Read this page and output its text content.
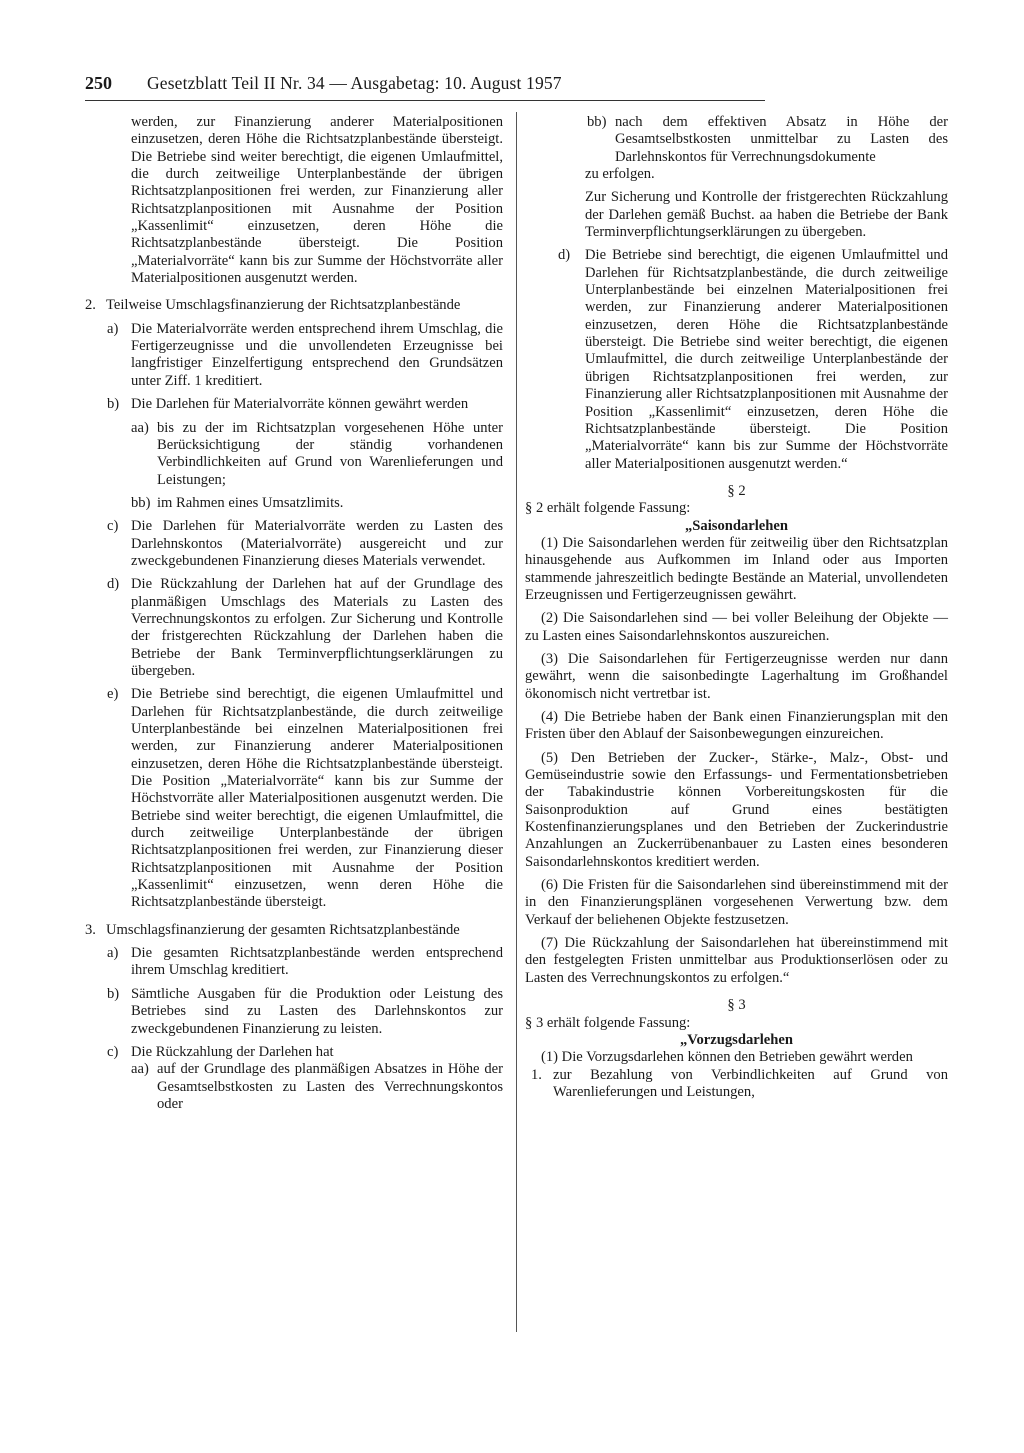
250 Gesetzblatt Teil II Nr. 34 — Ausgabetag: 10. August 1957

werden, zur Finanzierung anderer Materialpositionen einzusetzen, deren Höhe die Richtsatzplanbestände übersteigt. Die Betriebe sind weiter berechtigt, die eigenen Umlaufmittel, die durch zeitweilige Unterplanbestände der übrigen Richtsatzplanpositionen frei werden, zur Finanzierung aller Richtsatzplanpositionen mit Ausnahme der Position „Kassenlimit“ einzusetzen, deren Höhe die Richtsatzplanbestände übersteigt. Die Position „Materialvorräte“ kann bis zur Summe der Höchstvorräte aller Materialpositionen ausgenutzt werden.

2. Teilweise Umschlagsfinanzierung der Richtsatzplanbestände

a) Die Materialvorräte werden entsprechend ihrem Umschlag, die Fertigerzeugnisse und die unvollendeten Erzeugnisse bei langfristiger Einzelfertigung entsprechend den Grundsätzen unter Ziff. 1 kreditiert.

b) Die Darlehen für Materialvorräte können gewährt werden

aa) bis zu der im Richtsatzplan vorgesehenen Höhe unter Berücksichtigung der ständig vorhandenen Verbindlichkeiten auf Grund von Warenlieferungen und Leistungen;

bb) im Rahmen eines Umsatzlimits.

c) Die Darlehen für Materialvorräte werden zu Lasten des Darlehnskontos (Materialvorräte) ausgereicht und zur zweckgebundenen Finanzierung dieses Materials verwendet.

d) Die Rückzahlung der Darlehen hat auf der Grundlage des planmäßigen Umschlags des Materials zu Lasten des Verrechnungskontos zu erfolgen. Zur Sicherung und Kontrolle der fristgerechten Rückzahlung der Darlehen haben die Betriebe der Bank Terminverpflichtungserklärungen zu übergeben.

e) Die Betriebe sind berechtigt, die eigenen Umlaufmittel und Darlehen für Richtsatzplanbestände, die durch zeitweilige Unterplanbestände bei einzelnen Materialpositionen frei werden, zur Finanzierung anderer Materialpositionen einzusetzen, deren Höhe die Richtsatzplanbestände übersteigt. Die Position „Materialvorräte“ kann bis zur Summe der Höchstvorräte aller Materialpositionen ausgenutzt werden. Die Betriebe sind weiter berechtigt, die eigenen Umlaufmittel, die durch zeitweilige Unterplanbestände der übrigen Richtsatzplanpositionen frei werden, zur Finanzierung dieser Richtsatzplanpositionen mit Ausnahme der Position „Kassenlimit“ einzusetzen, wenn deren Höhe die Richtsatzplanbestände übersteigt.

3. Umschlagsfinanzierung der gesamten Richtsatzplanbestände

a) Die gesamten Richtsatzplanbestände werden entsprechend ihrem Umschlag kreditiert.

b) Sämtliche Ausgaben für die Produktion oder Leistung des Betriebes sind zu Lasten des Darlehnskontos zur zweckgebundenen Finanzierung zu leisten.

c) Die Rückzahlung der Darlehen hat

aa) auf der Grundlage des planmäßigen Absatzes in Höhe der Gesamtselbstkosten zu Lasten des Verrechnungskontos oder

bb) nach dem effektiven Absatz in Höhe der Gesamtselbstkosten unmittelbar zu Lasten des Darlehnskontos für Verrechnungsdokumente

zu erfolgen.

Zur Sicherung und Kontrolle der fristgerechten Rückzahlung der Darlehen gemäß Buchst. aa haben die Betriebe der Bank Terminverpflichtungserklärungen zu übergeben.

d) Die Betriebe sind berechtigt, die eigenen Umlaufmittel und Darlehen für Richtsatzplanbestände, die durch zeitweilige Unterplanbestände bei einzelnen Materialpositionen frei werden, zur Finanzierung anderer Materialpositionen einzusetzen, deren Höhe die Richtsatzplanbestände übersteigt. Die Betriebe sind weiter berechtigt, die eigenen Umlaufmittel, die durch zeitweilige Unterplanbestände der übrigen Richtsatzplanpositionen frei werden, zur Finanzierung aller Richtsatzplanpositionen mit Ausnahme der Position „Kassenlimit“ einzusetzen, deren Höhe die Richtsatzplanbestände übersteigt. Die Position „Materialvorräte“ kann bis zur Summe der Höchstvorräte aller Materialpositionen ausgenutzt werden.“

§ 2

§ 2 erhält folgende Fassung:

„Saisondarlehen

(1) Die Saisondarlehen werden für zeitweilig über den Richtsatzplan hinausgehende aus Aufkommen im Inland oder aus Importen stammende jahreszeitlich bedingte Bestände an Material, unvollendeten Erzeugnissen und Fertigerzeugnissen gewährt.

(2) Die Saisondarlehen sind — bei voller Beleihung der Objekte — zu Lasten eines Saisondarlehnskontos auszureichen.

(3) Die Saisondarlehen für Fertigerzeugnisse werden nur dann gewährt, wenn die saisonbedingte Lagerhaltung im Großhandel ökonomisch nicht vertretbar ist.

(4) Die Betriebe haben der Bank einen Finanzierungsplan mit den Fristen über den Ablauf der Saisonbewegungen einzureichen.

(5) Den Betrieben der Zucker-, Stärke-, Malz-, Obst- und Gemüseindustrie sowie den Erfassungs- und Fermentationsbetrieben der Tabakindustrie können Vorbereitungskosten für die Saisonproduktion auf Grund eines bestätigten Kostenfinanzierungsplanes und den Betrieben der Zuckerindustrie Anzahlungen an Zuckerrübenanbauer zu Lasten eines besonderen Saisondarlehnskontos kreditiert werden.

(6) Die Fristen für die Saisondarlehen sind übereinstimmend mit der in den Finanzierungsplänen vorgesehenen Verwertung bzw. dem Verkauf der beliehenen Objekte festzusetzen.

(7) Die Rückzahlung der Saisondarlehen hat übereinstimmend mit den festgelegten Fristen unmittelbar aus Produktionserlösen oder zu Lasten des Verrechnungskontos zu erfolgen.“

§ 3

§ 3 erhält folgende Fassung:

„Vorzugsdarlehen

(1) Die Vorzugsdarlehen können den Betrieben gewährt werden

1. zur Bezahlung von Verbindlichkeiten auf Grund von Warenlieferungen und Leistungen,
